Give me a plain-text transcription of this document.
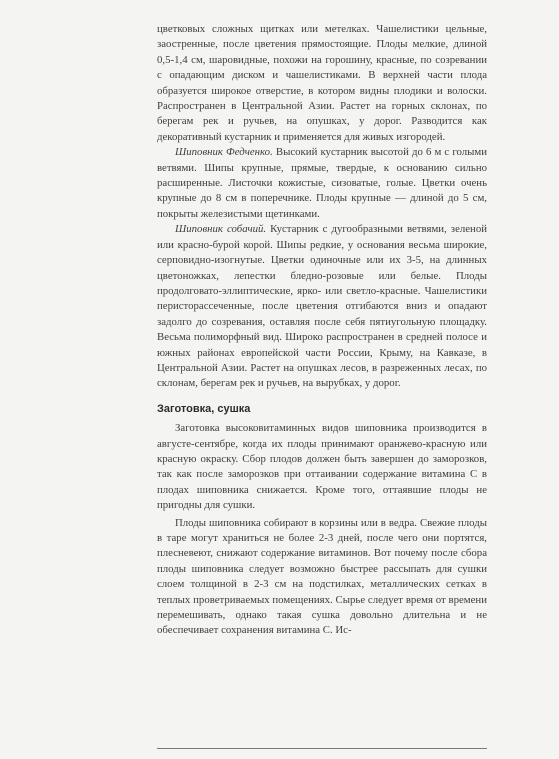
цветковых сложных щитках или метелках. Чашелистики цельные, заостренные, после цветения прямостоящие. Плоды мелкие, длиной 0,5-1,4 см, шаровидные, похожи на горошину, красные, по созревании с опадающим диском и чашелистиками. В верхней части плода образуется широкое отверстие, в котором видны плодики и волоски. Распространен в Центральной Азии. Растет на горных склонах, по берегам рек и ручьев, на опушках, у дорог. Разводится как декоративный кустарник и применяется для живых изгородей.

Шиповник Федченко. Высокий кустарник высотой до 6 м с голыми ветвями. Шипы крупные, прямые, твердые, к основанию сильно расширенные. Листочки кожистые, сизоватые, голые. Цветки очень крупные до 8 см в поперечнике. Плоды крупные — длиной до 5 см, покрыты железистыми щетинками.

Шиповник собачий. Кустарник с дугообразными ветвями, зеленой или красно-бурой корой. Шипы редкие, у основания весьма широкие, серповидно-изогнутые. Цветки одиночные или их 3-5, на длинных цветоножках, лепестки бледно-розовые или белые. Плоды продолговато-эллиптические, ярко- или светло-красные. Чашелистики перисторассеченные, после цветения отгибаются вниз и опадают задолго до созревания, оставляя после себя пятиугольную площадку. Весьма полиморфный вид. Широко распространен в средней полосе и южных районах европейской части России, Крыму, на Кавказе, в Центральной Азии. Растет на опушках лесов, в разреженных лесах, по склонам, берегам рек и ручьев, на вырубках, у дорог.

Заготовка, сушка

Заготовка высоковитаминных видов шиповника производится в августе-сентябре, когда их плоды принимают оранжево-красную или красную окраску. Сбор плодов должен быть завершен до заморозков, так как после заморозков при оттаивании содержание витамина С в плодах шиповника снижается. Кроме того, оттаявшие плоды не пригодны для сушки.

Плоды шиповника собирают в корзины или в ведра. Свежие плоды в таре могут храниться не более 2-3 дней, после чего они портятся, плесневеют, снижают содержание витаминов. Вот почему после сбора плоды шиповника следует возможно быстрее рассыпать для сушки слоем толщиной в 2-3 см на подстилках, металлических сетках в теплых проветриваемых помещениях. Сырье следует время от времени перемешивать, однако такая сушка довольно длительна и не обеспечивает сохранения витамина С. Ис-
